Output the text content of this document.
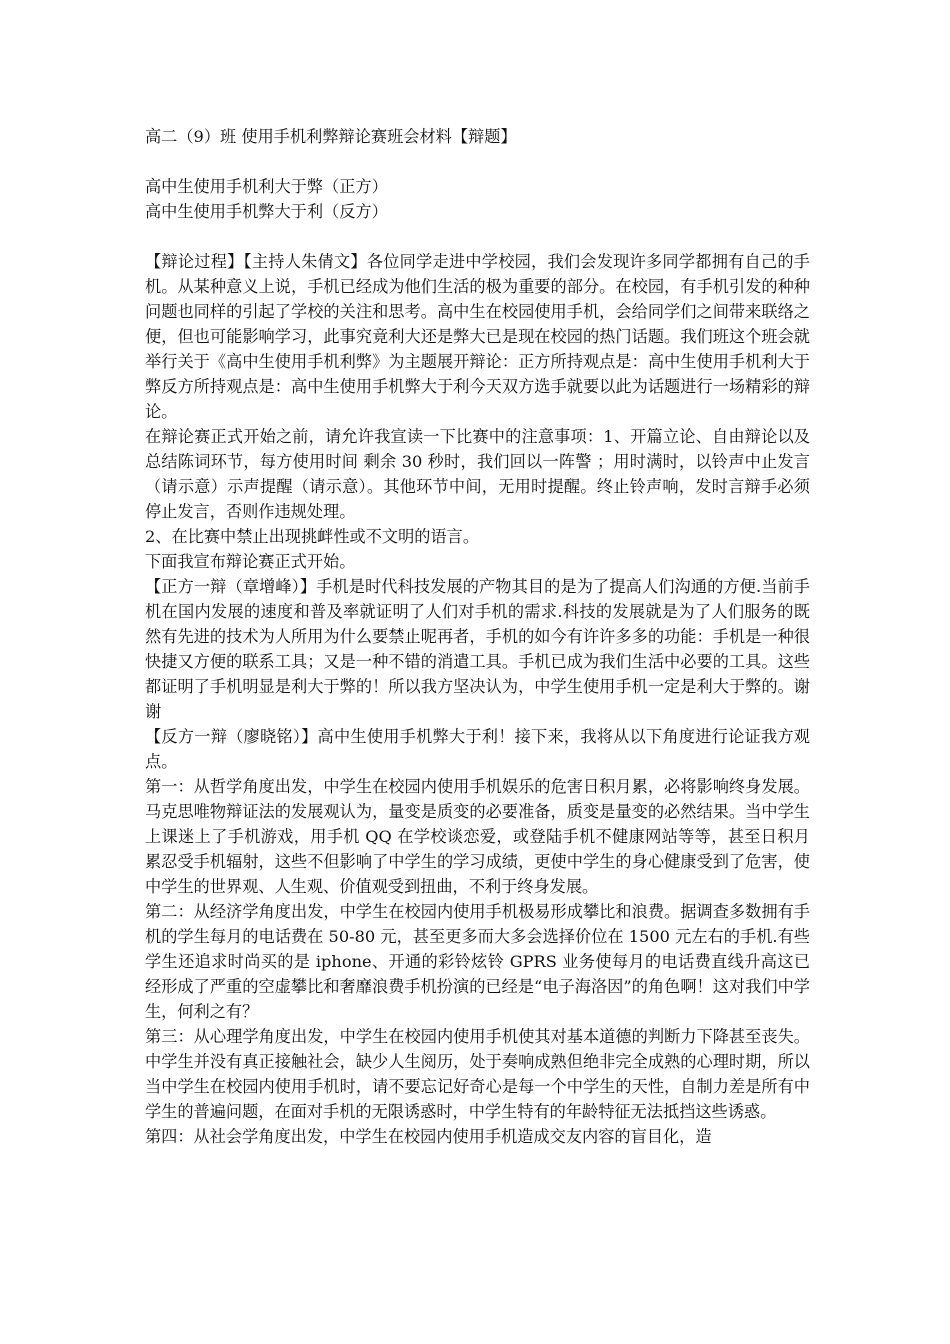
高二（9）班 使用手机利弊辩论赛班会材料【辩题】
高中生使用手机利大于弊（正方）
高中生使用手机弊大于利（反方）

【辩论过程】【主持人朱倩文】各位同学走进中学校园，我们会发现许多同学都拥有自己的手机。从某种意义上说，手机已经成为他们生活的极为重要的部分。在校园，有手机引发的种种问题也同样的引起了学校的关注和思考。高中生在校园使用手机，会给同学们之间带来联络之便，但也可能影响学习，此事究竟利大还是弊大已是现在校园的热门话题。我们班这个班会就举行关于《高中生使用手机利弊》为主题展开辩论：正方所持观点是：高中生使用手机利大于弊反方所持观点是：高中生使用手机弊大于利今天双方选手就要以此为话题进行一场精彩的辩论。

在辩论赛正式开始之前，请允许我宣读一下比赛中的注意事项：1、开篇立论、自由辩论以及总结陈词环节，每方使用时间 剩余 30 秒时，我们回以一阵警 ；用时满时，以铃声中止发言（请示意）示声提醒（请示意）。其他环节中间，无用时提醒。终止铃声响，发时言辩手必须停止发言，否则作违规处理。

2、在比赛中禁止出现挑衅性或不文明的语言。

下面我宣布辩论赛正式开始。

【正方一辩（章增峰）】手机是时代科技发展的产物其目的是为了提高人们沟通的方便.当前手机在国内发展的速度和普及率就证明了人们对手机的需求.科技的发展就是为了人们服务的既然有先进的技术为人所用为什么要禁止呢再者，手机的如今有许许多多的功能：手机是一种很快捷又方便的联系工具；又是一种不错的消遣工具。手机已成为我们生活中必要的工具。这些都证明了手机明显是利大于弊的！所以我方坚决认为，中学生使用手机一定是利大于弊的。谢谢

【反方一辩（廖晓铭）】高中生使用手机弊大于利！接下来，我将从以下角度进行论证我方观点。

第一：从哲学角度出发，中学生在校园内使用手机娱乐的危害日积月累，必将影响终身发展。马克思唯物辩证法的发展观认为，量变是质变的必要准备，质变是量变的必然结果。当中学生上课迷上了手机游戏，用手机 QQ 在学校谈恋爱，或登陆手机不健康网站等等，甚至日积月累忍受手机辐射，这些不但影响了中学生的学习成绩，更使中学生的身心健康受到了危害，使中学生的世界观、人生观、价值观受到扭曲，不利于终身发展。

第二：从经济学角度出发，中学生在校园内使用手机极易形成攀比和浪费。据调查多数拥有手机的学生每月的电话费在 50-80 元，甚至更多而大多会选择价位在 1500 元左右的手机.有些学生还追求时尚买的是 iphone、开通的彩铃炫铃 GPRS 业务使每月的电话费直线升高这已经形成了严重的空虚攀比和奢靡浪费手机扮演的已经是“电子海洛因”的角色啊！这对我们中学生，何利之有？

第三：从心理学角度出发，中学生在校园内使用手机使其对基本道德的判断力下降甚至丧失。中学生并没有真正接触社会，缺少人生阅历，处于奏响成熟但绝非完全成熟的心理时期，所以当中学生在校园内使用手机时，请不要忘记好奇心是每一个中学生的天性，自制力差是所有中学生的普遍问题，在面对手机的无限诱惑时，中学生特有的年龄特征无法抵挡这些诱惑。

第四：从社会学角度出发，中学生在校园内使用手机造成交友内容的盲目化，造
